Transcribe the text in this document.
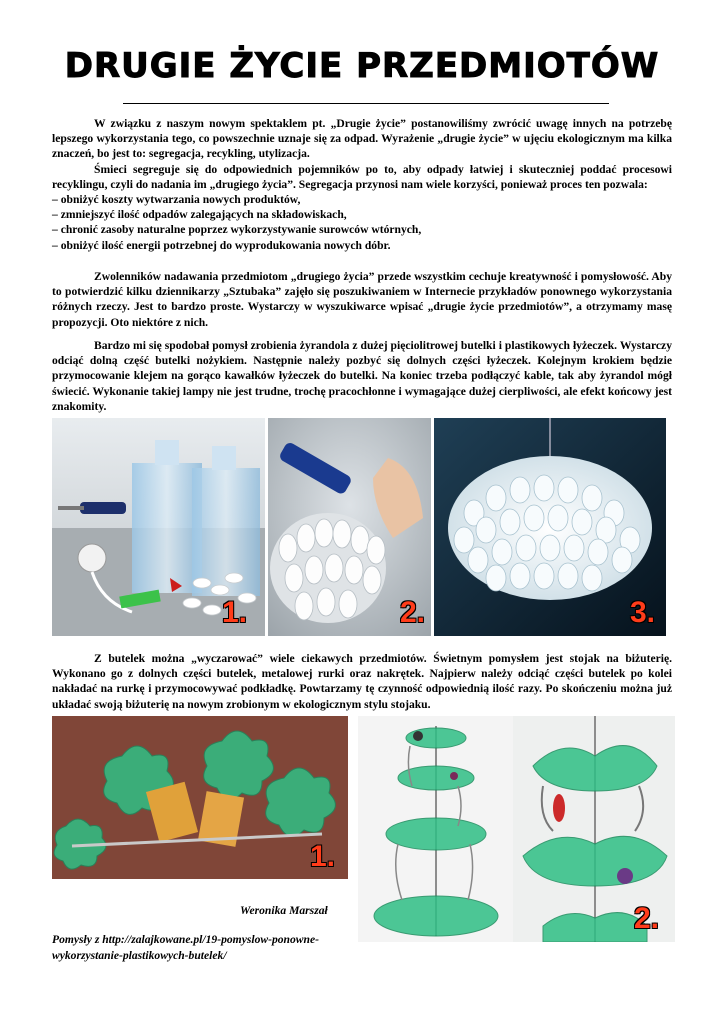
DRUGIE ŻYCIE PRZEDMIOTÓW

W związku z naszym nowym spektaklem pt. „Drugie życie” postanowiliśmy zwrócić uwagę innych na potrzebę lepszego wykorzystania tego, co powszechnie uznaje się za odpad. Wyrażenie „drugie życie” w ujęciu ekologicznym ma kilka znaczeń, bo jest to: segregacja, recykling, utylizacja.

Śmieci segreguje się do odpowiednich pojemników po to, aby odpady łatwiej i skuteczniej poddać procesowi recyklingu, czyli do nadania im „drugiego życia”. Segregacja przynosi nam wiele korzyści, ponieważ proces ten pozwala:

– obniżyć koszty wytwarzania nowych produktów,

– zmniejszyć ilość odpadów zalegających na składowiskach,

– chronić zasoby naturalne poprzez wykorzystywanie surowców wtórnych,

– obniżyć ilość energii potrzebnej do wyprodukowania nowych dóbr.

Zwolenników nadawania przedmiotom „drugiego życia” przede wszystkim cechuje kreatywność i pomysłowość. Aby to potwierdzić kilku dziennikarzy „Sztubaka” zajęło się poszukiwaniem w Internecie przykładów ponownego wykorzystania różnych rzeczy. Jest to bardzo proste. Wystarczy w wyszukiwarce wpisać „drugie życie przedmiotów”, a otrzymamy masę propozycji. Oto niektóre z nich.

Bardzo mi się spodobał pomysł zrobienia żyrandola z dużej pięciolitrowej butelki i plastikowych łyżeczek. Wystarczy odciąć dolną część butelki nożykiem. Następnie należy pozbyć się dolnych części łyżeczek. Kolejnym krokiem będzie przymocowanie klejem na gorąco kawałków łyżeczek do butelki. Na koniec trzeba podłączyć kable, tak aby żyrandol mógł świecić. Wykonanie takiej lampy nie jest trudne, trochę pracochłonne i wymagające dużej cierpliwości, ale efekt końcowy jest znakomity.

1.	2.	3.

Z butelek można „wyczarować” wiele ciekawych przedmiotów. Świetnym pomysłem jest stojak na biżuterię. Wykonano go z dolnych części butelek, metalowej rurki oraz nakrętek. Najpierw należy odciąć części butelek po kolei nakładać na rurkę i przymocowywać podkładkę. Powtarzamy tę czynność odpowiednią ilość razy. Po skończeniu można już układać swoją biżuterię na nowym zrobionym w ekologicznym stylu stojaku.

1.
2.
Weronika Marszał
Pomysły z http://zalajkowane.pl/19-pomyslow-ponowne-wykorzystanie-plastikowych-butelek/
